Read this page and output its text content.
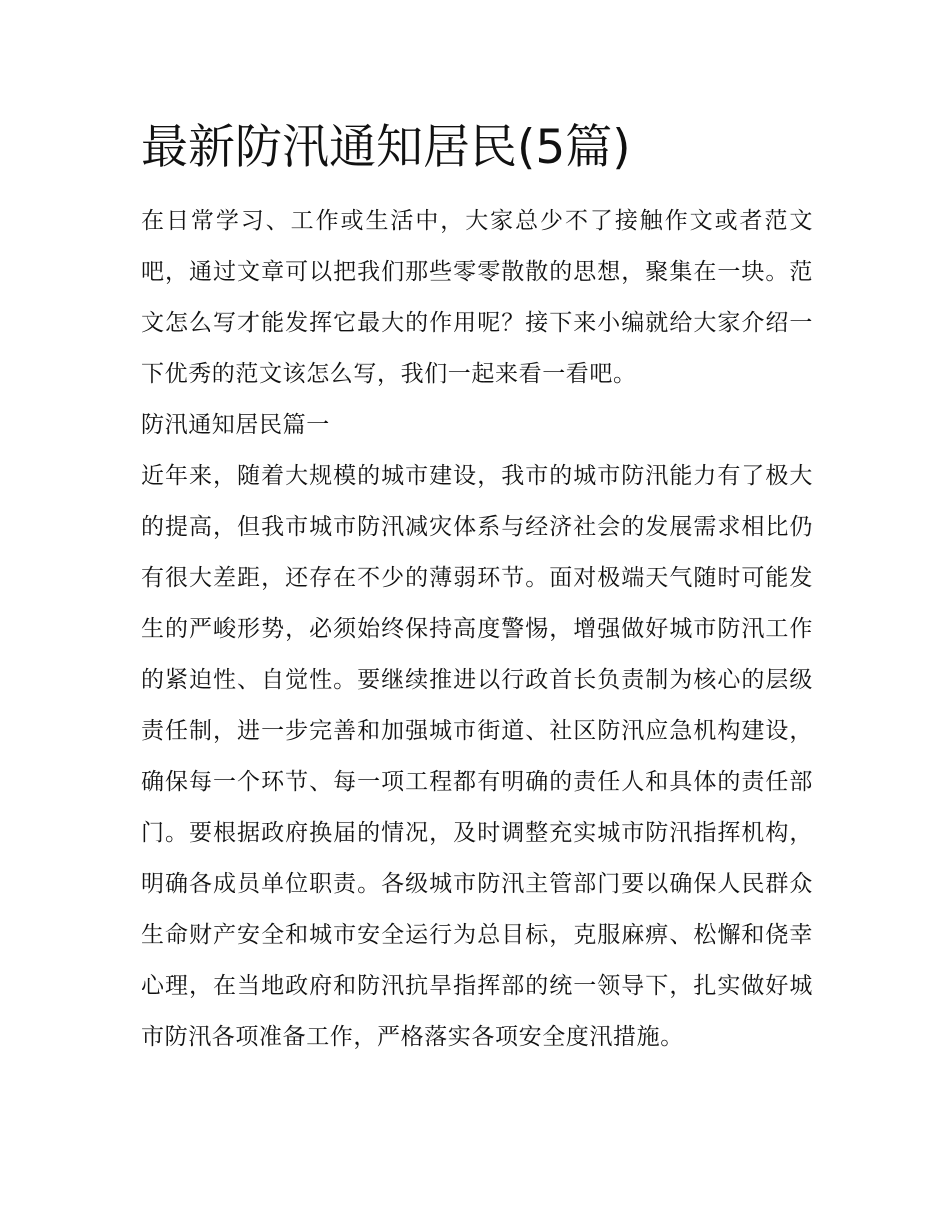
最新防汛通知居民(5篇)

在日常学习、工作或生活中，大家总少不了接触作文或者范文吧，通过文章可以把我们那些零零散散的思想，聚集在一块。范文怎么写才能发挥它最大的作用呢？接下来小编就给大家介绍一下优秀的范文该怎么写，我们一起来看一看吧。

防汛通知居民篇一

近年来，随着大规模的城市建设，我市的城市防汛能力有了极大的提高，但我市城市防汛减灾体系与经济社会的发展需求相比仍有很大差距，还存在不少的薄弱环节。面对极端天气随时可能发生的严峻形势，必须始终保持高度警惕，增强做好城市防汛工作的紧迫性、自觉性。要继续推进以行政首长负责制为核心的层级责任制，进一步完善和加强城市街道、社区防汛应急机构建设，确保每一个环节、每一项工程都有明确的责任人和具体的责任部门。要根据政府换届的情况，及时调整充实城市防汛指挥机构，明确各成员单位职责。各级城市防汛主管部门要以确保人民群众生命财产安全和城市安全运行为总目标，克服麻痹、松懈和侥幸心理，在当地政府和防汛抗旱指挥部的统一领导下，扎实做好城市防汛各项准备工作，严格落实各项安全度汛措施。
